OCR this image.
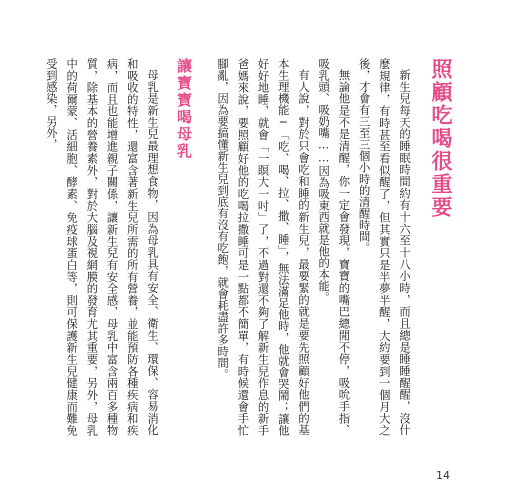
照顧吃喝很重要

新生兒每天的睡眠時間約有十六至十八小時，而且總是睡睡醒醒，沒什麼規律，有時甚至看似醒了，但其實只是半夢半醒，大約要到一個月大之後，才會有三至三個小時的清醒時間。

無論他是不是清醒，你一定會發現，寶寶的嘴巴總閒不停，吸吮手指、吸乳頭、吸奶嘴……因為吸東西就是他的本能。

有人說，對於只會吃和睡的新生兒，最要緊的就是要先照顧好他們的基本生理機能─「吃、喝、拉、撒、睡」，無法滿足他時，他就會哭鬧；讓他好好地睡，就會「一瞑大一吋」了，不過對還不夠了解新生兒作息的新手爸媽來說，要照顧好他的吃喝拉撒睡可是一點都不簡單，有時候還會手忙腳亂，因為要搞懂新生兒到底有沒有吃飽，就會耗盡許多時間。

讓寶寶喝母乳

母乳是新生兒最理想食物，因為母乳具有安全、衛生、環保、容易消化和吸收的特性，還富含著新生兒所需的所有營養，並能預防各種疾病和疾病，而且也能增進親子關係，讓新生兒有安全感，母乳中富含兩百多種物質，除基本的營養素外，對於大腦及視網膜的發育尤其重要，另外，母乳中的荷爾蒙、活細胞、酵素、免疫球蛋白等，則可保護新生兒健康而難免受到感染，另外，

14
